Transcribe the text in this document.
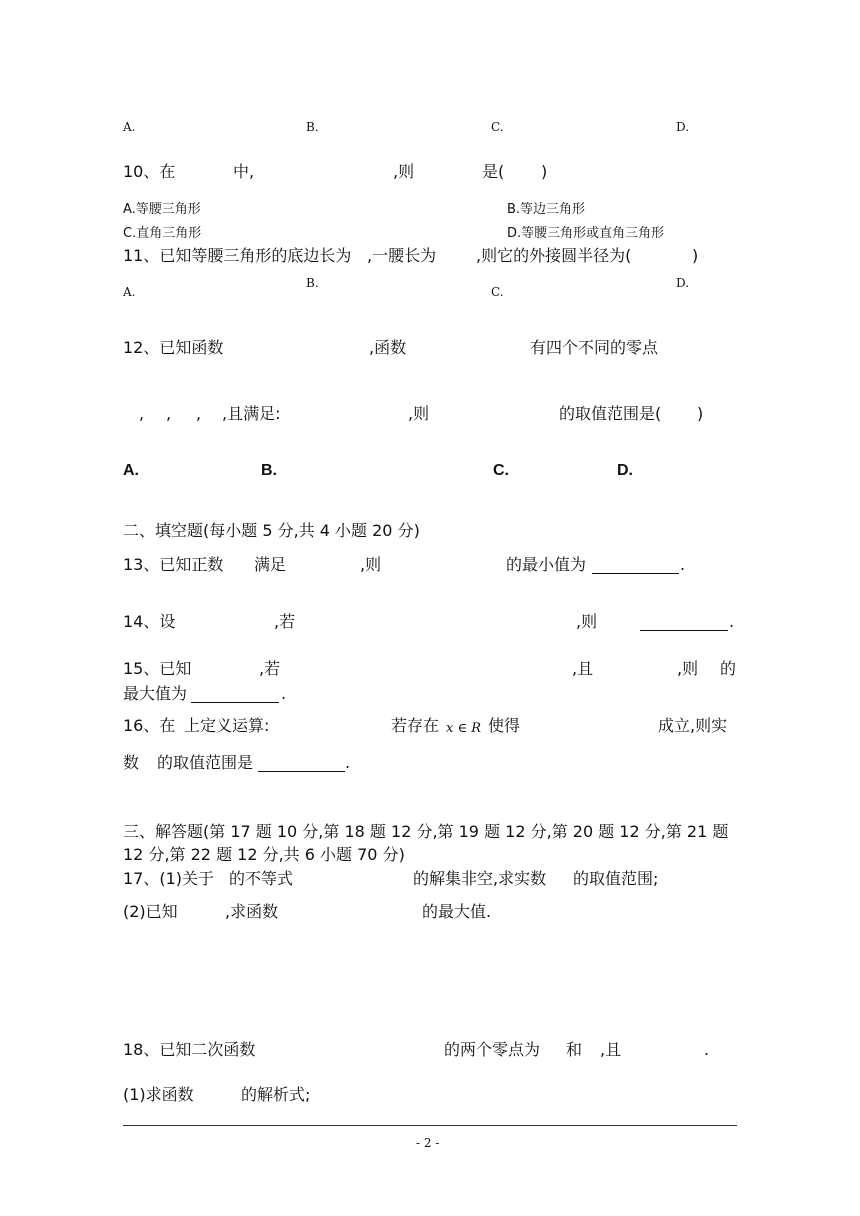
A.	B.	C.	D.
10、在	中,	,则	是( )
A.等腰三角形	B.等边三角形
C.直角三角形	D.等腰三角形或直角三角形
11、已知等腰三角形的底边长为 ,一腰长为 ,则它的外接圆半径为(	)
A.
B.
C.
D.
12、已知函数	,函数	有四个不同的零点
, , , ,且满足:	,则	的取值范围是( )
A.	B.	C.	D.
二、填空题(每小题 5 分,共 4 小题 20 分)
13、已知正数 满足	,则	的最小值为	.
14、设	,若	,则	.
15、已知	,若	,且	,则 的
最大值为	.
16、在 上定义运算:	若存在 x ∈ R 使得	成立,则实
数 的取值范围是	.
三、解答题(第 17 题 10 分,第 18 题 12 分,第 19 题 12 分,第 20 题 12 分,第 21 题
12 分,第 22 题 12 分,共 6 小题 70 分)
17、(1)关于 的不等式	的解集非空,求实数 的取值范围;
(2)已知	,求函数	的最大值.
18、已知二次函数	的两个零点为 和 ,且	.
(1)求函数	的解析式;
- 2 -
